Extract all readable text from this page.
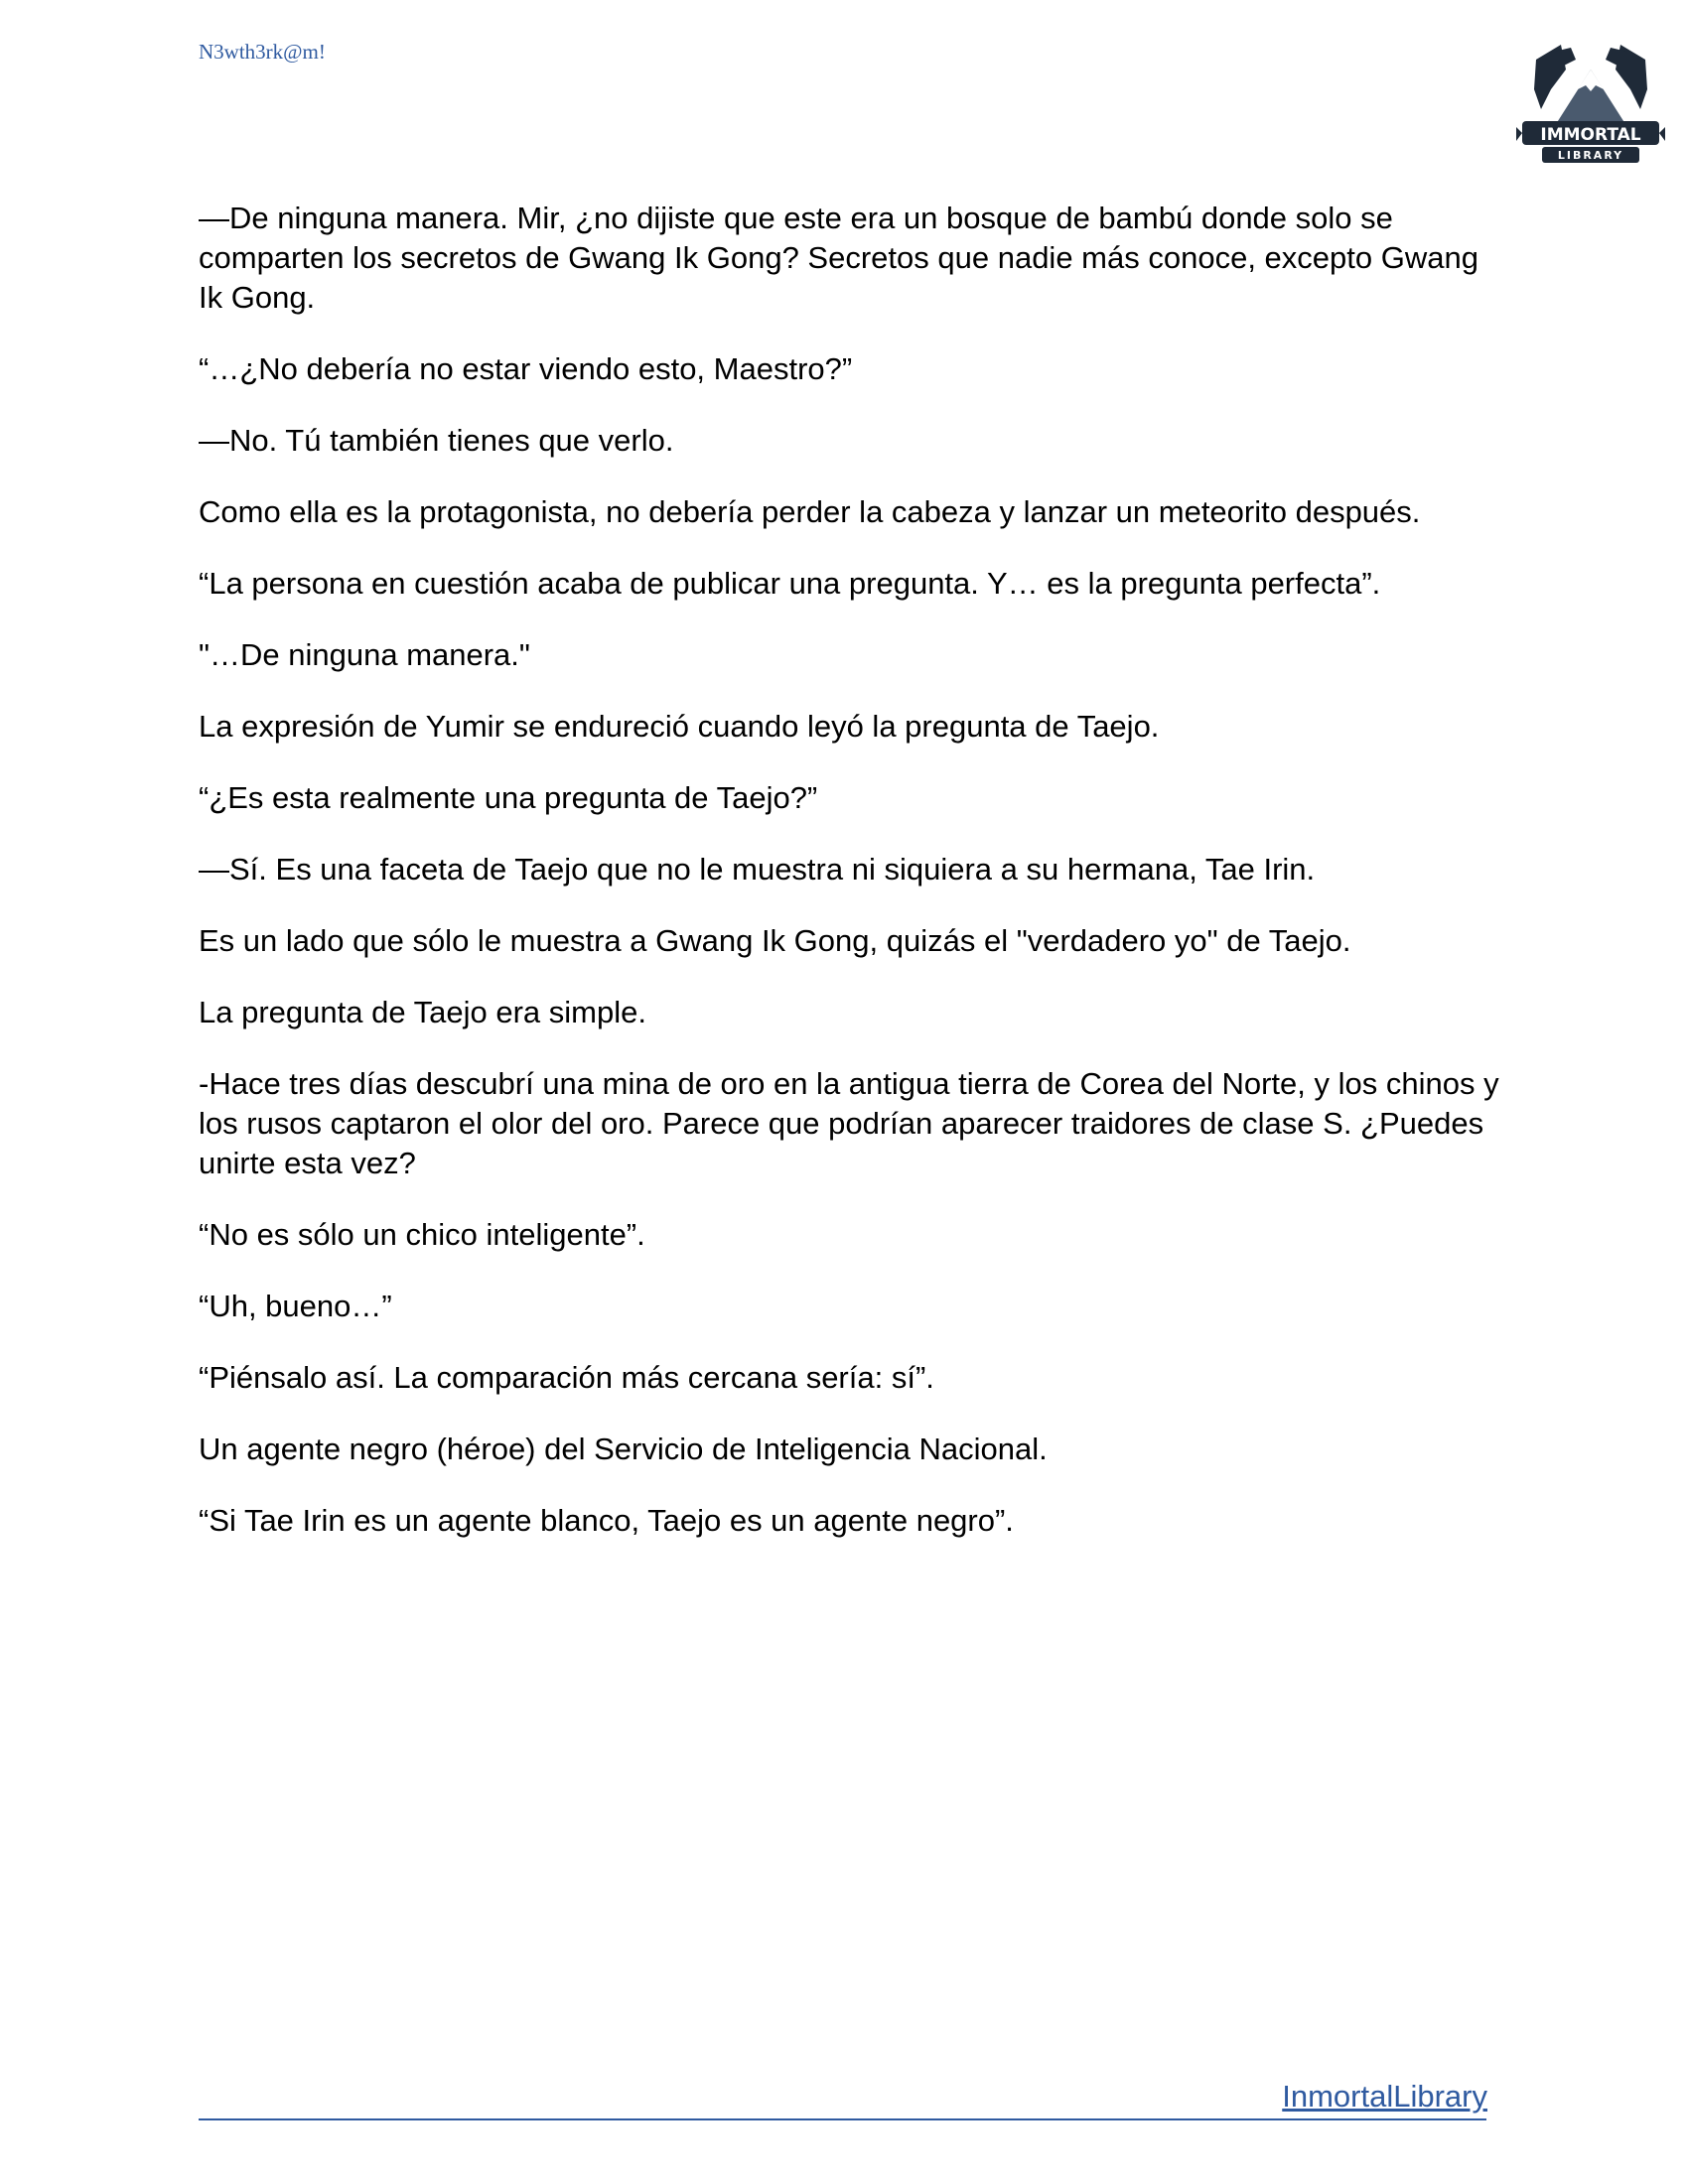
N3wth3rk@m!
IMMORTAL
LIBRARY

—De ninguna manera. Mir, ¿no dijiste que este era un bosque de bambú donde solo se comparten los secretos de Gwang Ik Gong? Secretos que nadie más conoce, excepto Gwang Ik Gong.

“…¿No debería no estar viendo esto, Maestro?”

—No. Tú también tienes que verlo.

Como ella es la protagonista, no debería perder la cabeza y lanzar un meteorito después.

“La persona en cuestión acaba de publicar una pregunta. Y… es la pregunta perfecta”.

"…De ninguna manera."

La expresión de Yumir se endureció cuando leyó la pregunta de Taejo.

“¿Es esta realmente una pregunta de Taejo?”

—Sí. Es una faceta de Taejo que no le muestra ni siquiera a su hermana, Tae Irin.

Es un lado que sólo le muestra a Gwang Ik Gong, quizás el "verdadero yo" de Taejo.

La pregunta de Taejo era simple.

-Hace tres días descubrí una mina de oro en la antigua tierra de Corea del Norte, y los chinos y los rusos captaron el olor del oro. Parece que podrían aparecer traidores de clase S. ¿Puedes unirte esta vez?

“No es sólo un chico inteligente”.

“Uh, bueno…”

“Piénsalo así. La comparación más cercana sería: sí”.

Un agente negro (héroe) del Servicio de Inteligencia Nacional.

“Si Tae Irin es un agente blanco, Taejo es un agente negro”.

InmortalLibrary
